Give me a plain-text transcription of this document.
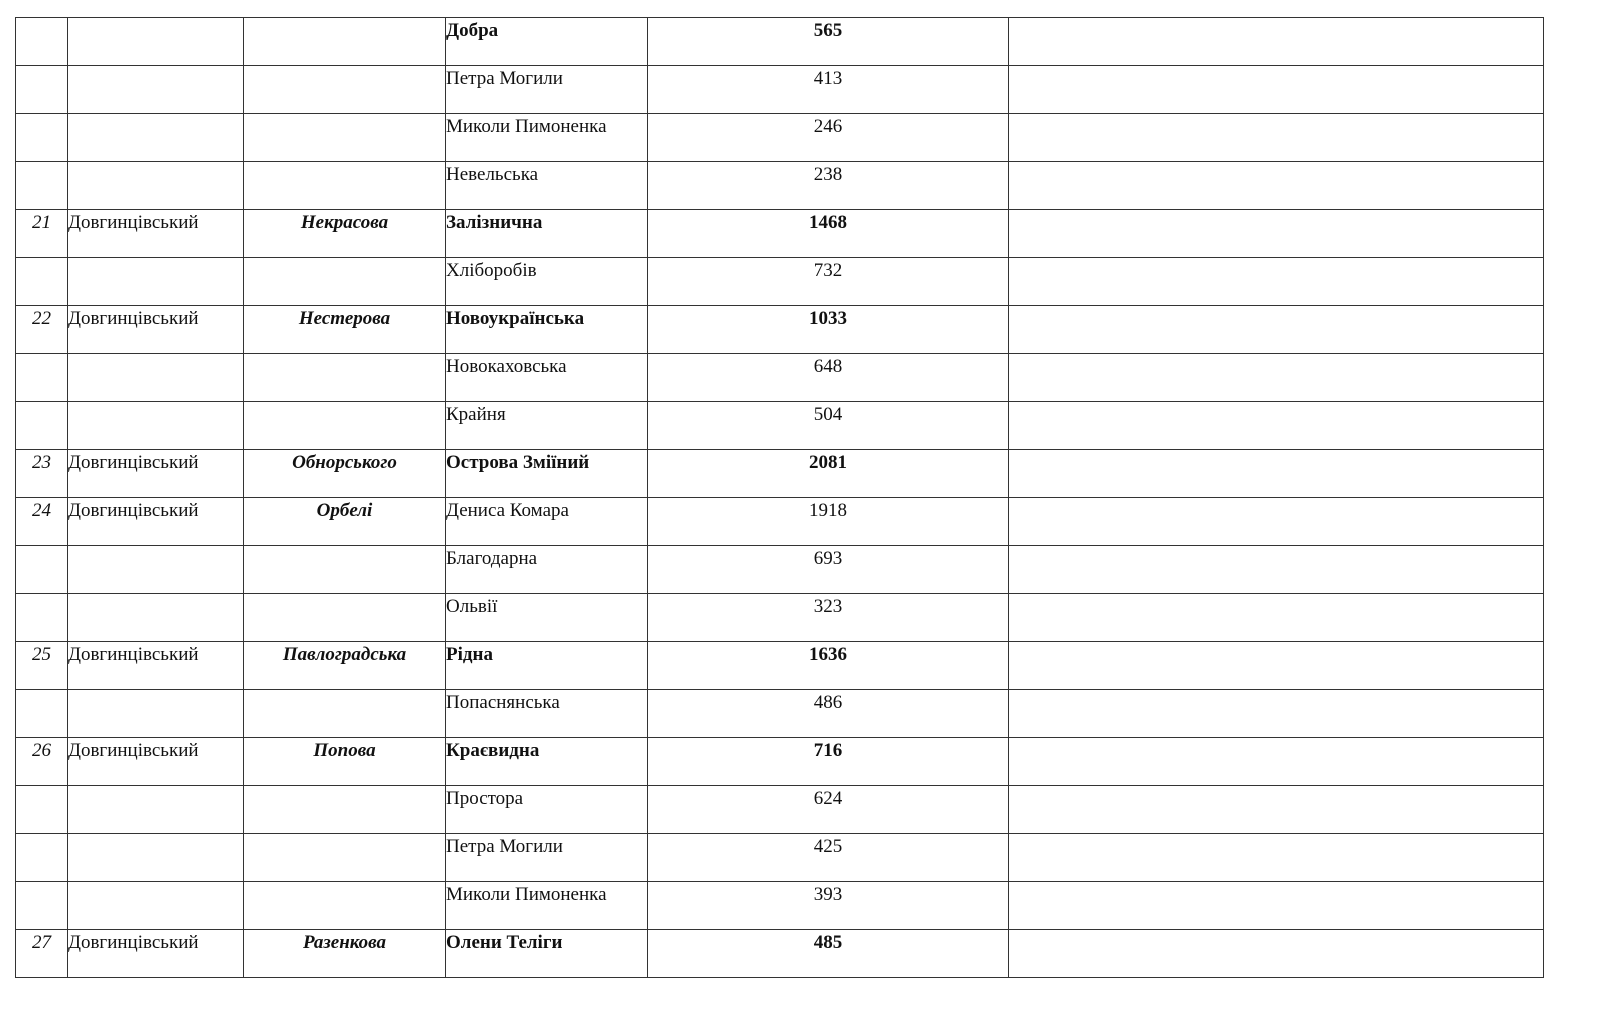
			Добра	565	
			Петра Могили	413	
			Миколи Пимоненка	246	
			Невельська	238	
21	Довгинцівський	Некрасова	Залізнична	1468	
			Хліборобів	732	
22	Довгинцівський	Нестерова	Новоукраїнська	1033	
			Новокаховська	648	
			Крайня	504	
23	Довгинцівський	Обнорського	Острова Зміїний	2081	
24	Довгинцівський	Орбелі	Дениса Комара	1918	
			Благодарна	693	
			Ольвії	323	
25	Довгинцівський	Павлоградська	Рідна	1636	
			Попаснянська	486	
26	Довгинцівський	Попова	Краєвидна	716	
			Простора	624	
			Петра Могили	425	
			Миколи Пимоненка	393	
27	Довгинцівський	Разенкова	Олени Теліги	485	
